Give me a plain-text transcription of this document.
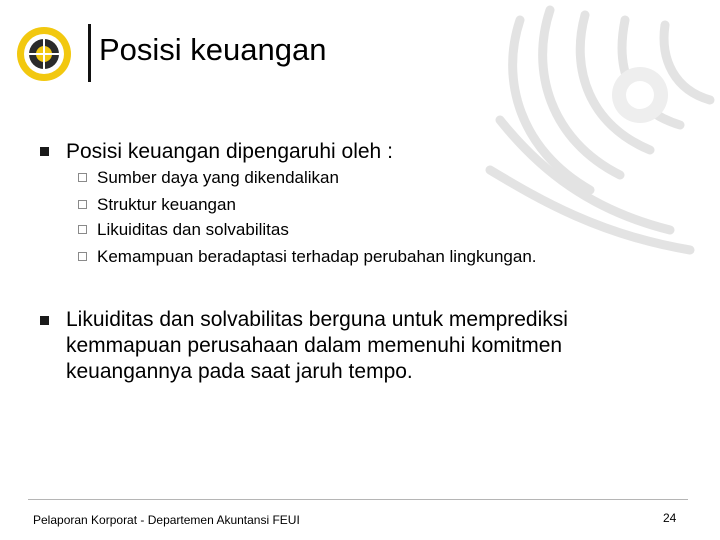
Posisi keuangan
Posisi keuangan dipengaruhi oleh :
Sumber daya yang dikendalikan
Struktur keuangan
Likuiditas dan solvabilitas
Kemampuan beradaptasi terhadap perubahan lingkungan.
Likuiditas dan solvabilitas berguna untuk memprediksi
kemmapuan perusahaan dalam memenuhi komitmen
keuangannya pada saat jaruh tempo.
Pelaporan Korporat - Departemen Akuntansi FEUI	24
